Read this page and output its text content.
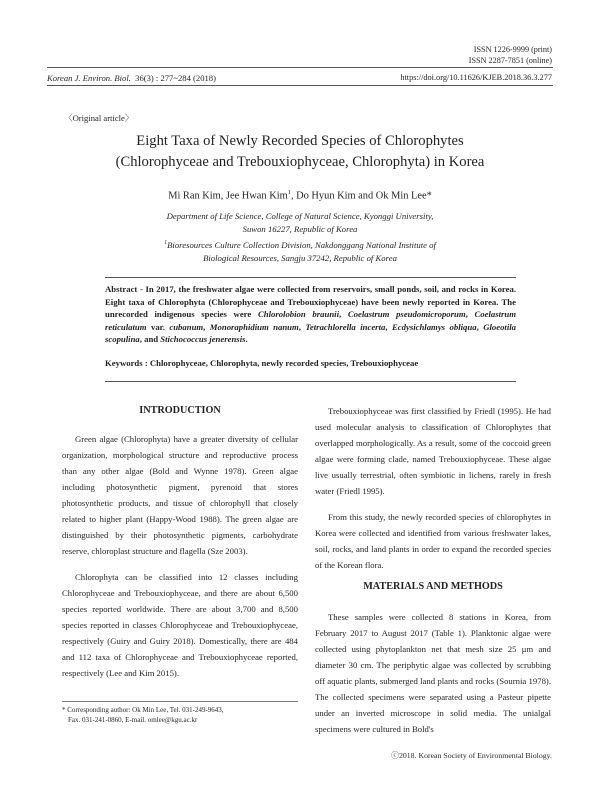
ISSN 1226-9999 (print)
ISSN 2287-7851 (online)
Korean J. Environ. Biol. 36(3) : 277~284 (2018)	https://doi.org/10.11626/KJEB.2018.36.3.277
〈Original article〉
Eight Taxa of Newly Recorded Species of Chlorophytes
(Chlorophyceae and Trebouxiophyceae, Chlorophyta) in Korea
Mi Ran Kim, Jee Hwan Kim$^1$, Do Hyun Kim and Ok Min Lee*
Department of Life Science, College of Natural Science, Kyonggi University,
Suwon 16227, Republic of Korea
$^1$Bioresources Culture Collection Division, Nakdonggang National Institute of
Biological Resources, Sangju 37242, Republic of Korea
Abstract - In 2017, the freshwater algae were collected from reservoirs, small ponds, soil, and rocks in Korea. Eight taxa of Chlorophyta (Chlorophyceae and Trebouxiophyceae) have been newly reported in Korea. The unrecorded indigenous species were Chlorolobion braunii, Coelastrum pseudomicroporum, Coelastrum reticulatum var. cubanum, Monoraphidium nanum, Tetrachlorella incerta, Ecdysichlamys obliqua, Gloeotila scopulina, and Stichococcus jenerensis.
Keywords : Chlorophyceae, Chlorophyta, newly recorded species, Trebouxiophyceae
INTRODUCTION

Green algae (Chlorophyta) have a greater diversity of cellular organization, morphological structure and reproductive process than any other algae (Bold and Wynne 1978). Green algae including photosynthetic pigment, pyrenoid that stores photosynthetic products, and tissue of chlorophyll that closely related to higher plant (Happy-Wood 1988). The green algae are distinguished by their photosynthetic pigments, carbohydrate reserve, chloroplast structure and flagella (Sze 2003).

Chlorophyta can be classified into 12 classes including Chlorophyceae and Trebouxiophyceae, and there are about 6,500 species reported worldwide. There are about 3,700 and 8,500 species reported in classes Chlorophyceae and Trebouxiophyceae, respectively (Guiry and Guiry 2018). Domestically, there are 484 and 112 taxa of Chlorophyceae and Trebouxiophyceae reported, respectively (Lee and Kim 2015).

* Corresponding author: Ok Min Lee, Tel. 031-249-9643,
Fax. 031-241-0860, E-mail. omlee@kgu.ac.kr

Trebouxiophyceae was first classified by Friedl (1995). He had used molecular analysis to classification of Chlorophytes that overlapped morphologically. As a result, some of the coccoid green algae were forming clade, named Trebouxiophyceae. These algae live usually terrestrial, often symbiotic in lichens, rarely in fresh water (Friedl 1995).

From this study, the newly recorded species of chlorophytes in Korea were collected and identified from various freshwater lakes, soil, rocks, and land plants in order to expand the recorded species of the Korean flora.

MATERIALS AND METHODS

These samples were collected 8 stations in Korea, from February 2017 to August 2017 (Table 1). Planktonic algae were collected using phytoplankton net that mesh size 25 μm and diameter 30 cm. The periphytic algae was collected by scrubbing off aquatic plants, submerged land plants and rocks (Sournia 1978). The collected specimens were separated using a Pasteur pipette under an inverted microscope in solid media. The unialgal specimens were cultured in Bold's

ⓒ2018. Korean Society of Environmental Biology.
